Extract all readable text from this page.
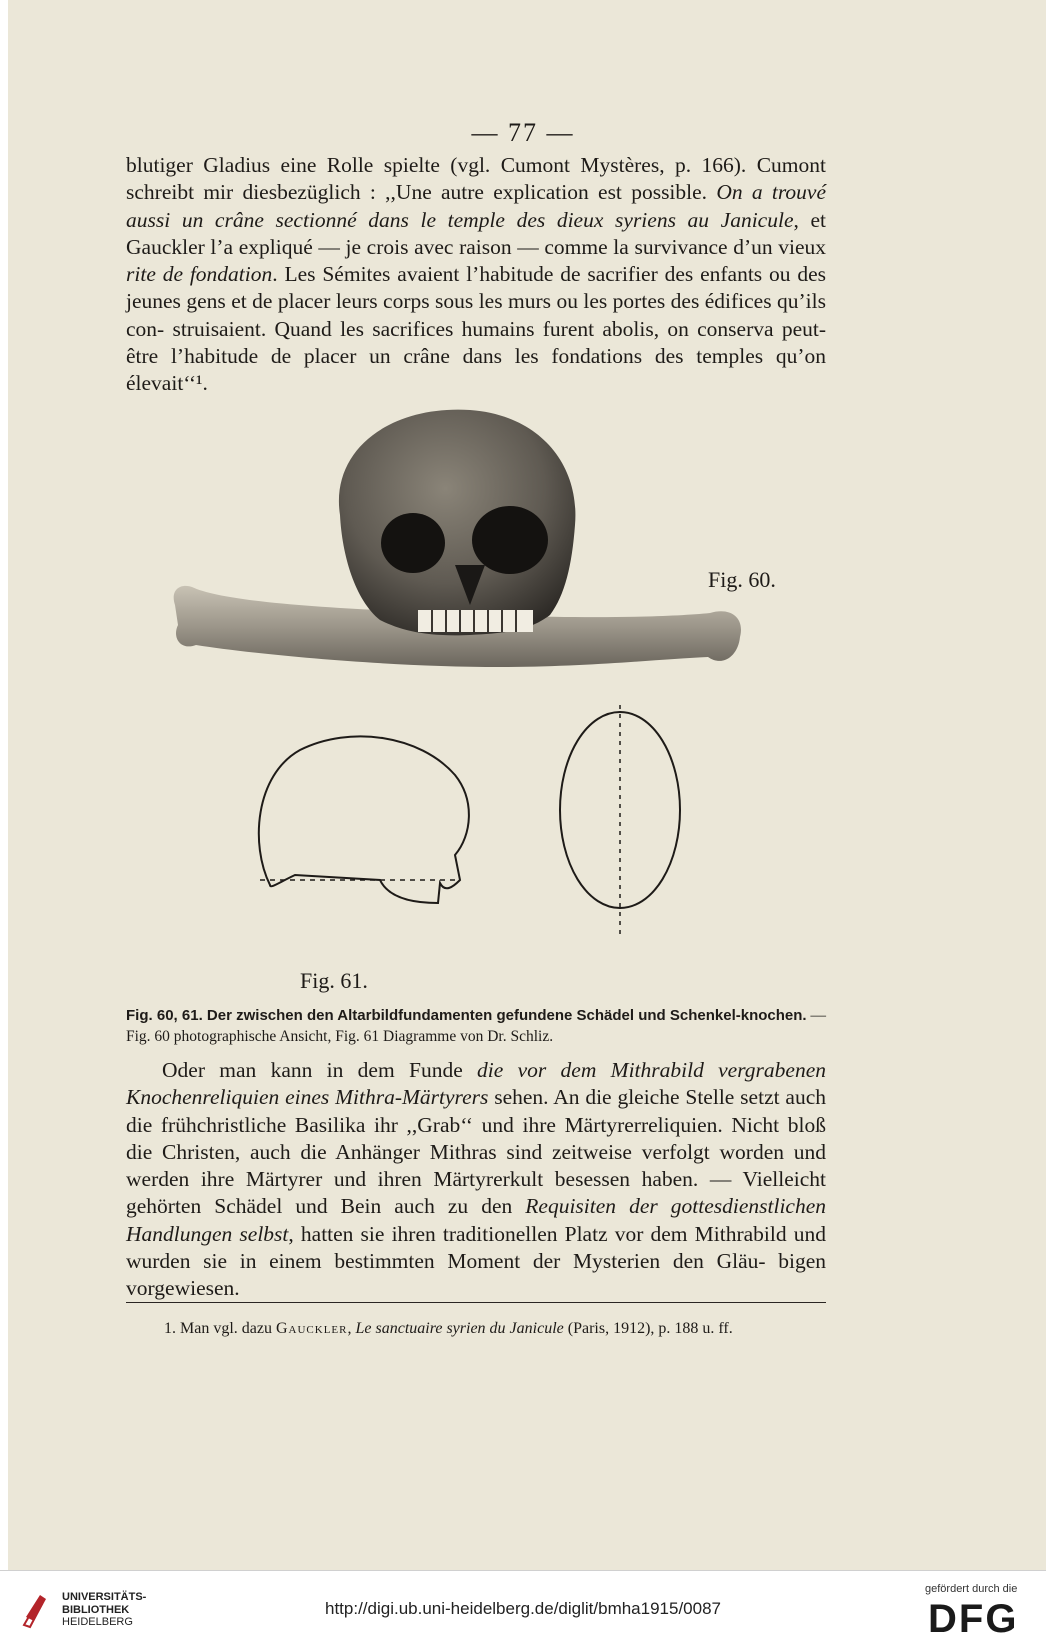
— 77 —

blutiger Gladius eine Rolle spielte (vgl. Cumont Mystères, p. 166). Cumont schreibt mir diesbezüglich : ,,Une autre explication est possible. On a trouvé aussi un crâne sectionné dans le temple des dieux syriens au Janicule, et Gauckler l’a expliqué — je crois avec raison — comme la survivance d’un vieux rite de fondation. Les Sémites avaient l’habitude de sacrifier des enfants ou des jeunes gens et de placer leurs corps sous les murs ou les portes des édifices qu’ils con- struisaient. Quand les sacrifices humains furent abolis, on conserva peut-être l’habitude de placer un crâne dans les fondations des temples qu’on élevait‘‘¹.

Fig. 60.
Fig. 61.
Fig. 60, 61. Der zwischen den Altarbildfundamenten gefundene Schädel und Schenkel-knochen. — Fig. 60 photographische Ansicht, Fig. 61 Diagramme von Dr. Schliz.

Oder man kann in dem Funde die vor dem Mithrabild vergrabenen Knochenreliquien eines Mithra-Märtyrers sehen. An die gleiche Stelle setzt auch die frühchristliche Basilika ihr ,,Grab‘‘ und ihre Märtyrerreliquien. Nicht bloß die Christen, auch die Anhänger Mithras sind zeitweise verfolgt worden und werden ihre Märtyrer und ihren Märtyrerkult besessen haben. — Vielleicht gehörten Schädel und Bein auch zu den Requisiten der gottesdienstlichen Handlungen selbst, hatten sie ihren traditionellen Platz vor dem Mithrabild und wurden sie in einem bestimmten Moment der Mysterien den Gläu- bigen vorgewiesen.

1. Man vgl. dazu Gauckler, Le sanctuaire syrien du Janicule (Paris, 1912), p. 188 u. ff.
UNIVERSITÄTS-
BIBLIOTHEK
HEIDELBERG
http://digi.ub.uni-heidelberg.de/diglit/bmha1915/0087
gefördert durch die
DFG
